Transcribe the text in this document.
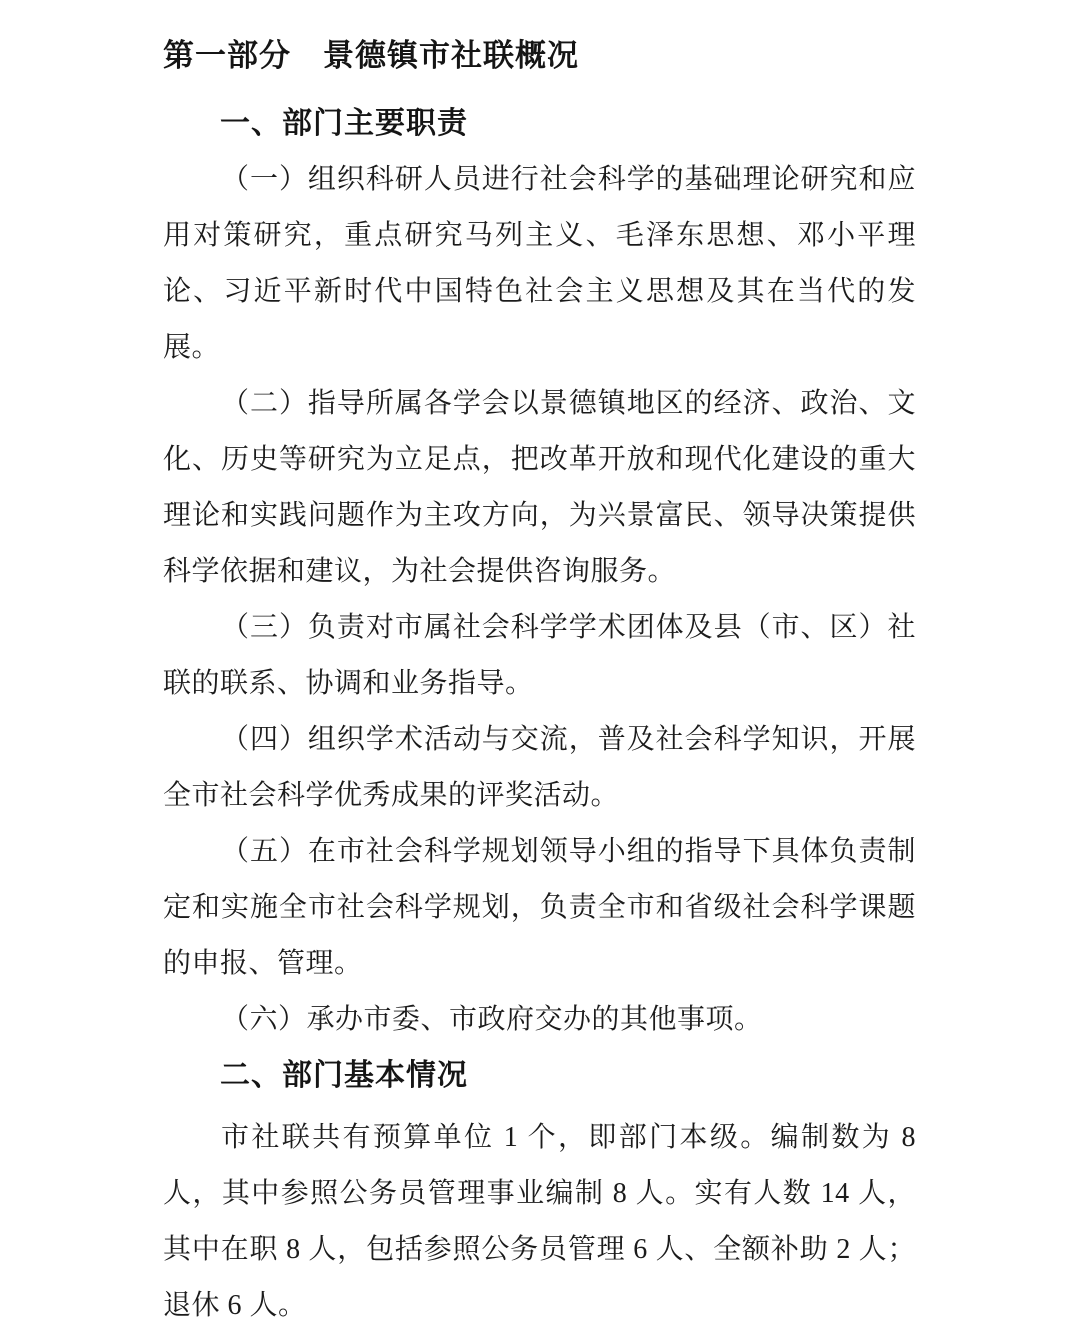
第一部分　景德镇市社联概况
一、部门主要职责

（一）组织科研人员进行社会科学的基础理论研究和应用对策研究，重点研究马列主义、毛泽东思想、邓小平理论、习近平新时代中国特色社会主义思想及其在当代的发展。

（二）指导所属各学会以景德镇地区的经济、政治、文化、历史等研究为立足点，把改革开放和现代化建设的重大理论和实践问题作为主攻方向，为兴景富民、领导决策提供科学依据和建议，为社会提供咨询服务。

（三）负责对市属社会科学学术团体及县（市、区）社联的联系、协调和业务指导。

（四）组织学术活动与交流，普及社会科学知识，开展全市社会科学优秀成果的评奖活动。

（五）在市社会科学规划领导小组的指导下具体负责制定和实施全市社会科学规划，负责全市和省级社会科学课题的申报、管理。

（六）承办市委、市政府交办的其他事项。

二、部门基本情况

市社联共有预算单位 1 个，即部门本级。编制数为 8 人，其中参照公务员管理事业编制 8 人。实有人数 14 人，其中在职 8 人，包括参照公务员管理 6 人、全额补助 2 人；退休 6 人。
